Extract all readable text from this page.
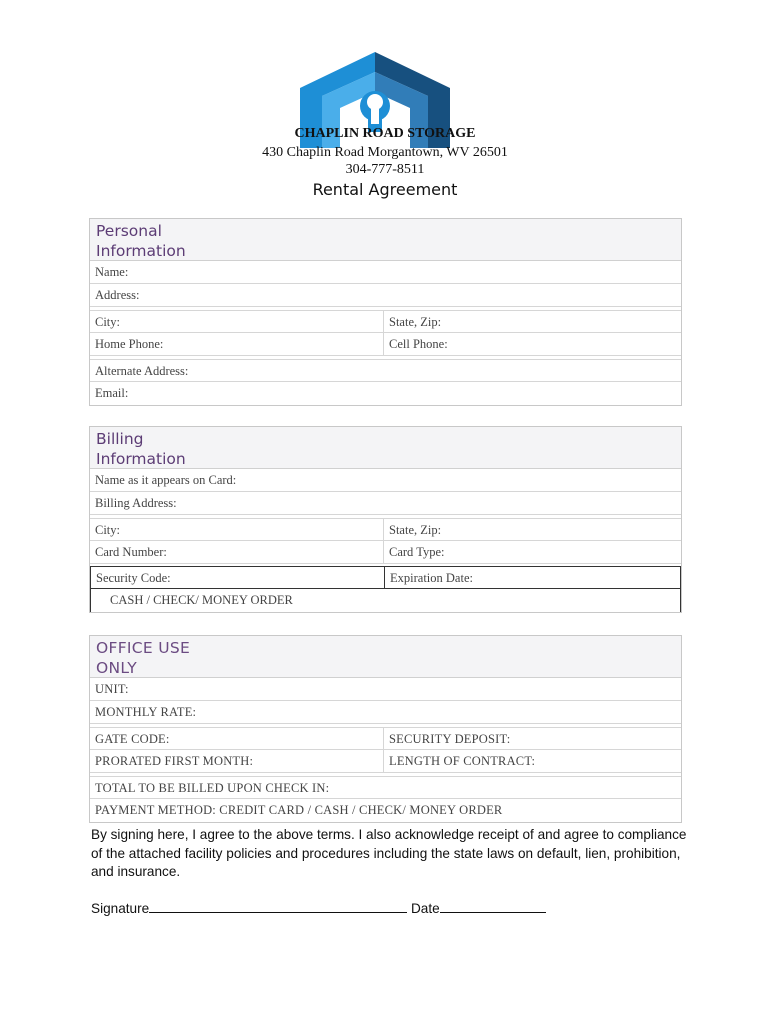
CHAPLIN ROAD STORAGE
430 Chaplin Road Morgantown, WV 26501
304-777-8511
Rental Agreement
Personal
Information
Name:
Address:
City:	State, Zip:
Home Phone:	Cell Phone:
Alternate Address:
Email:
Billing
Information
Name as it appears on Card:
Billing Address:
City:	State, Zip:
Card Number:	Card Type:
Security Code:	Expiration Date:
CASH / CHECK/ MONEY ORDER
OFFICE USE
ONLY
UNIT:
MONTHLY RATE:
GATE CODE:	SECURITY DEPOSIT:
PRORATED FIRST MONTH:	LENGTH OF CONTRACT:
TOTAL TO BE BILLED UPON CHECK IN:
PAYMENT METHOD: CREDIT CARD / CASH / CHECK/ MONEY ORDER
By signing here, I agree to the above terms. I also acknowledge receipt of and agree to compliance of the attached facility policies and procedures including the state laws on default, lien, prohibition, and insurance.
Signature	Date
